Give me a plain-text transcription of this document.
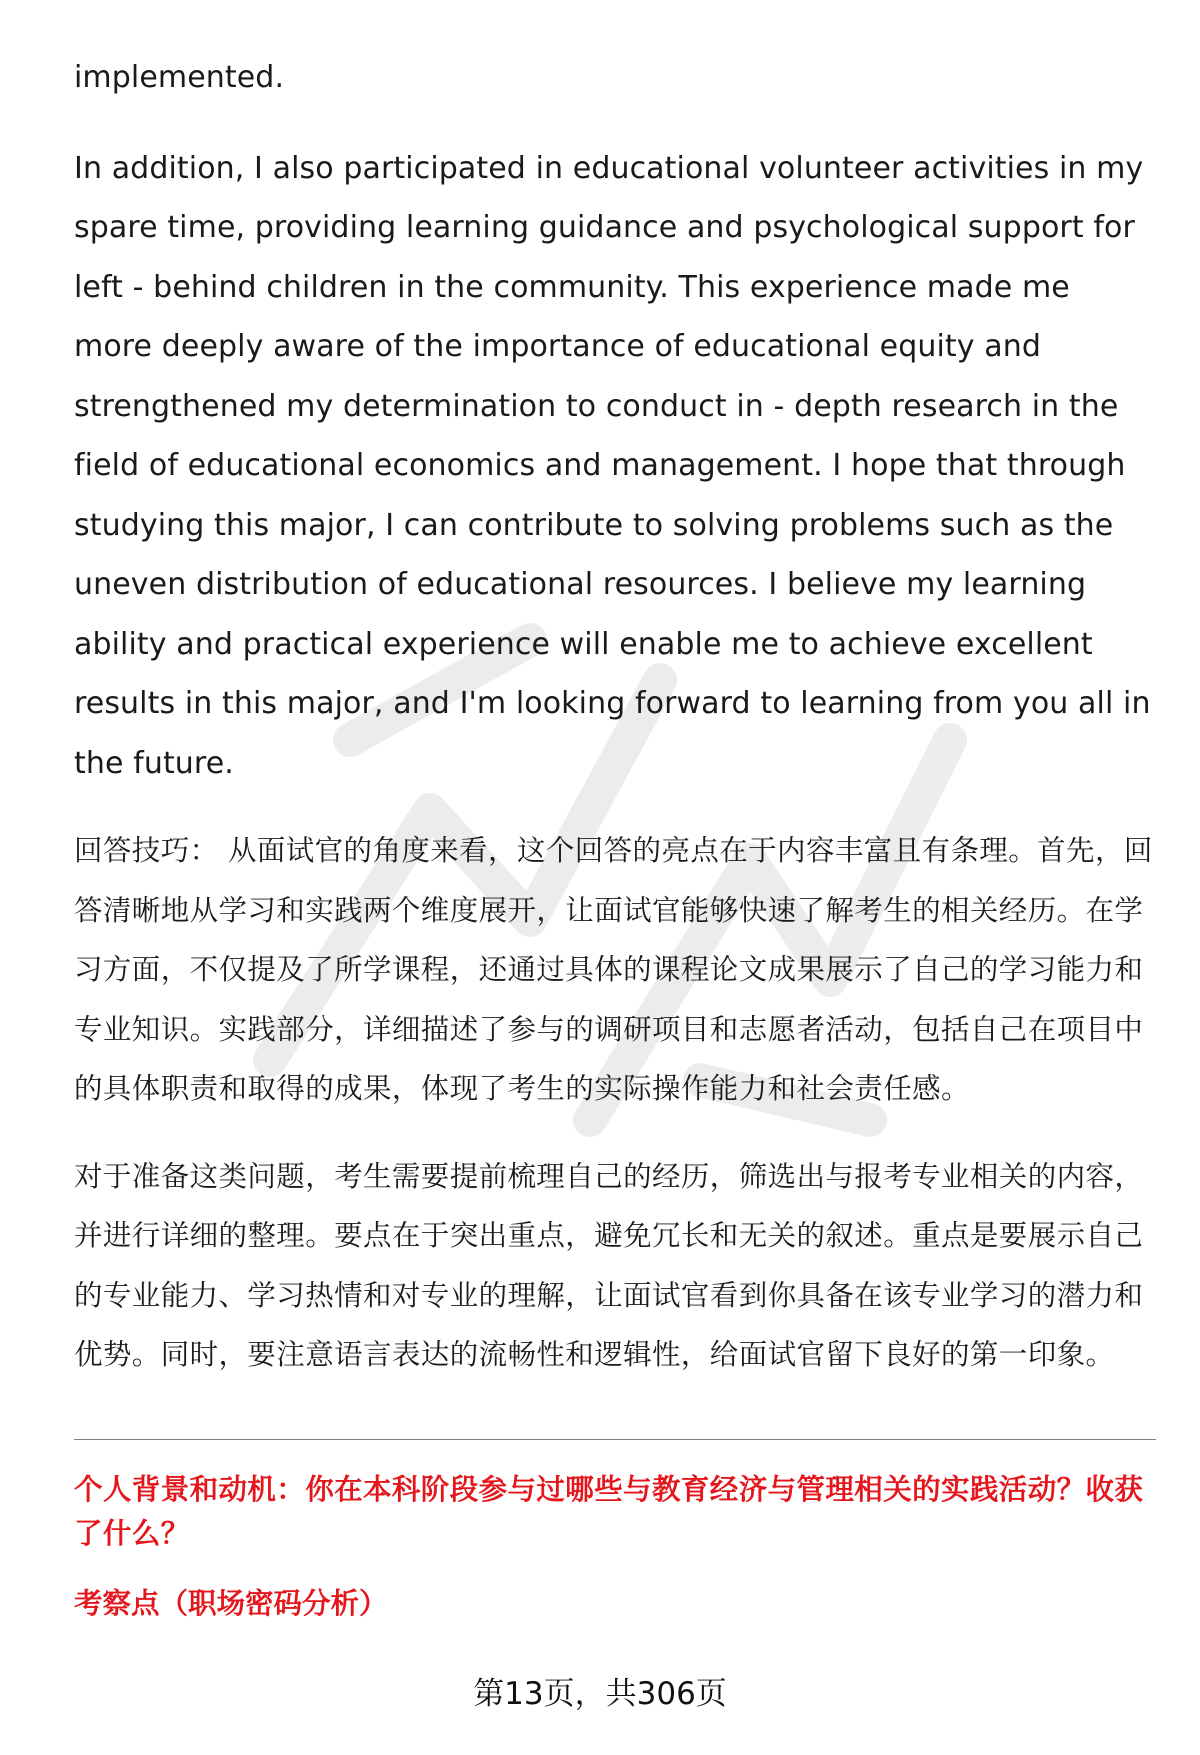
implemented.

In addition, I also participated in educational volunteer activities in my spare time, providing learning guidance and psychological support for left - behind children in the community. This experience made me more deeply aware of the importance of educational equity and strengthened my determination to conduct in - depth research in the field of educational economics and management. I hope that through studying this major, I can contribute to solving problems such as the uneven distribution of educational resources. I believe my learning ability and practical experience will enable me to achieve excellent results in this major, and I'm looking forward to learning from you all in the future.

回答技巧： 从面试官的角度来看，这个回答的亮点在于内容丰富且有条理。首先，回答清晰地从学习和实践两个维度展开，让面试官能够快速了解考生的相关经历。在学习方面，不仅提及了所学课程，还通过具体的课程论文成果展示了自己的学习能力和专业知识。实践部分，详细描述了参与的调研项目和志愿者活动，包括自己在项目中的具体职责和取得的成果，体现了考生的实际操作能力和社会责任感。

对于准备这类问题，考生需要提前梳理自己的经历，筛选出与报考专业相关的内容，并进行详细的整理。要点在于突出重点，避免冗长和无关的叙述。重点是要展示自己的专业能力、学习热情和对专业的理解，让面试官看到你具备在该专业学习的潜力和优势。同时，要注意语言表达的流畅性和逻辑性，给面试官留下良好的第一印象。

个人背景和动机：你在本科阶段参与过哪些与教育经济与管理相关的实践活动？收获了什么？
考察点（职场密码分析）
第13页，共306页
